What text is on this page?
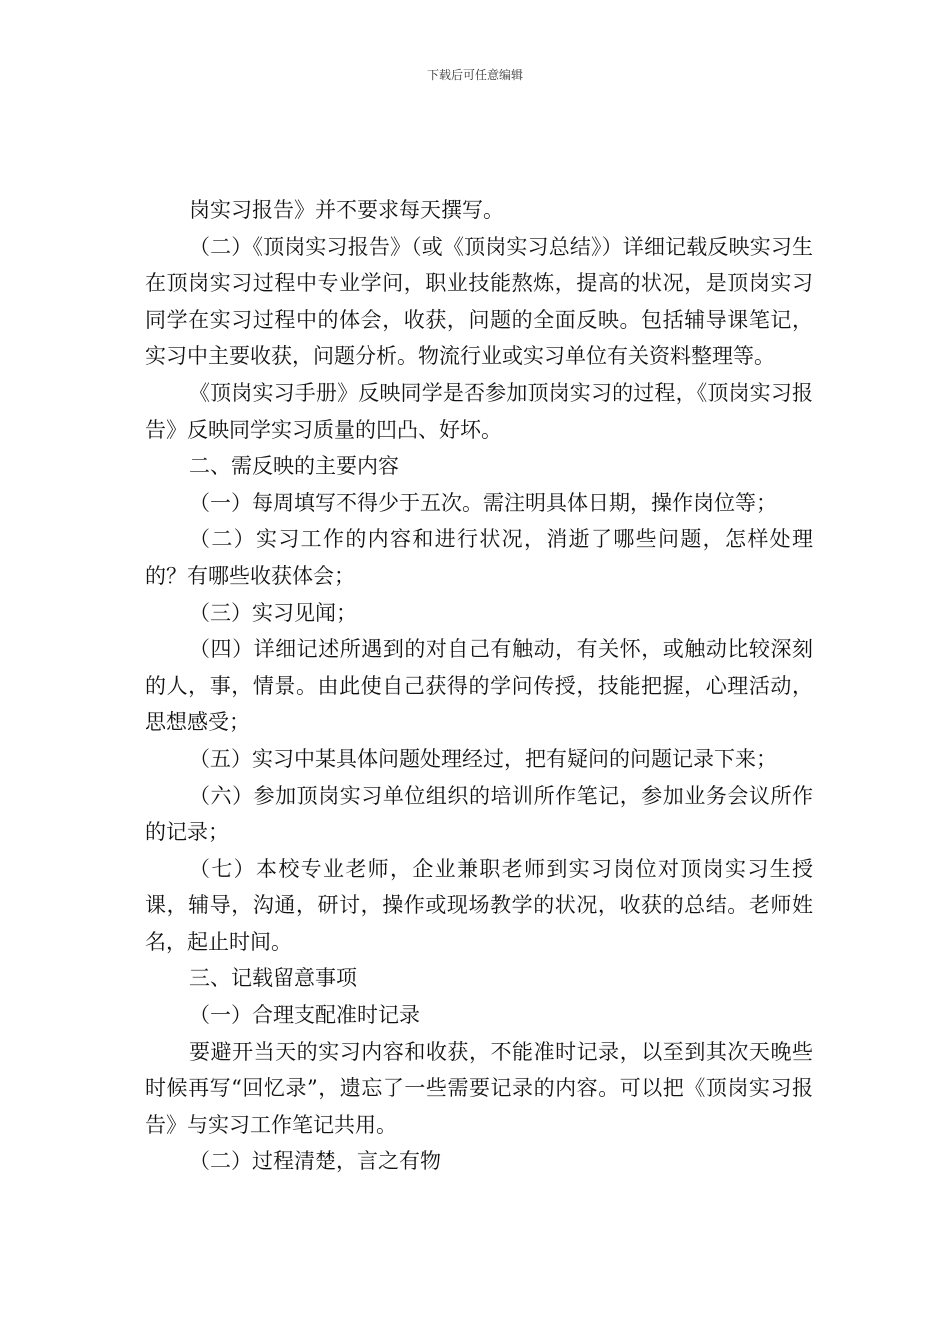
下载后可任意编辑

岗实习报告》并不要求每天撰写。

（二）《顶岗实习报告》（或《顶岗实习总结》）详细记载反映实习生在顶岗实习过程中专业学问，职业技能熬炼，提高的状况，是顶岗实习同学在实习过程中的体会，收获，问题的全面反映。包括辅导课笔记，实习中主要收获，问题分析。物流行业或实习单位有关资料整理等。

《顶岗实习手册》反映同学是否参加顶岗实习的过程，《顶岗实习报告》反映同学实习质量的凹凸、好坏。

二、需反映的主要内容

（一）每周填写不得少于五次。需注明具体日期，操作岗位等；

（二）实习工作的内容和进行状况，消逝了哪些问题，怎样处理的？有哪些收获体会；

（三）实习见闻；

（四）详细记述所遇到的对自己有触动，有关怀，或触动比较深刻的人，事，情景。由此使自己获得的学问传授，技能把握，心理活动，思想感受；

（五）实习中某具体问题处理经过，把有疑问的问题记录下来；

（六）参加顶岗实习单位组织的培训所作笔记，参加业务会议所作的记录；

（七）本校专业老师，企业兼职老师到实习岗位对顶岗实习生授课，辅导，沟通，研讨，操作或现场教学的状况，收获的总结。老师姓名，起止时间。

三、记载留意事项

（一）合理支配准时记录

要避开当天的实习内容和收获，不能准时记录，以至到其次天晚些时候再写“回忆录”，遗忘了一些需要记录的内容。可以把《顶岗实习报告》与实习工作笔记共用。

（二）过程清楚，言之有物
